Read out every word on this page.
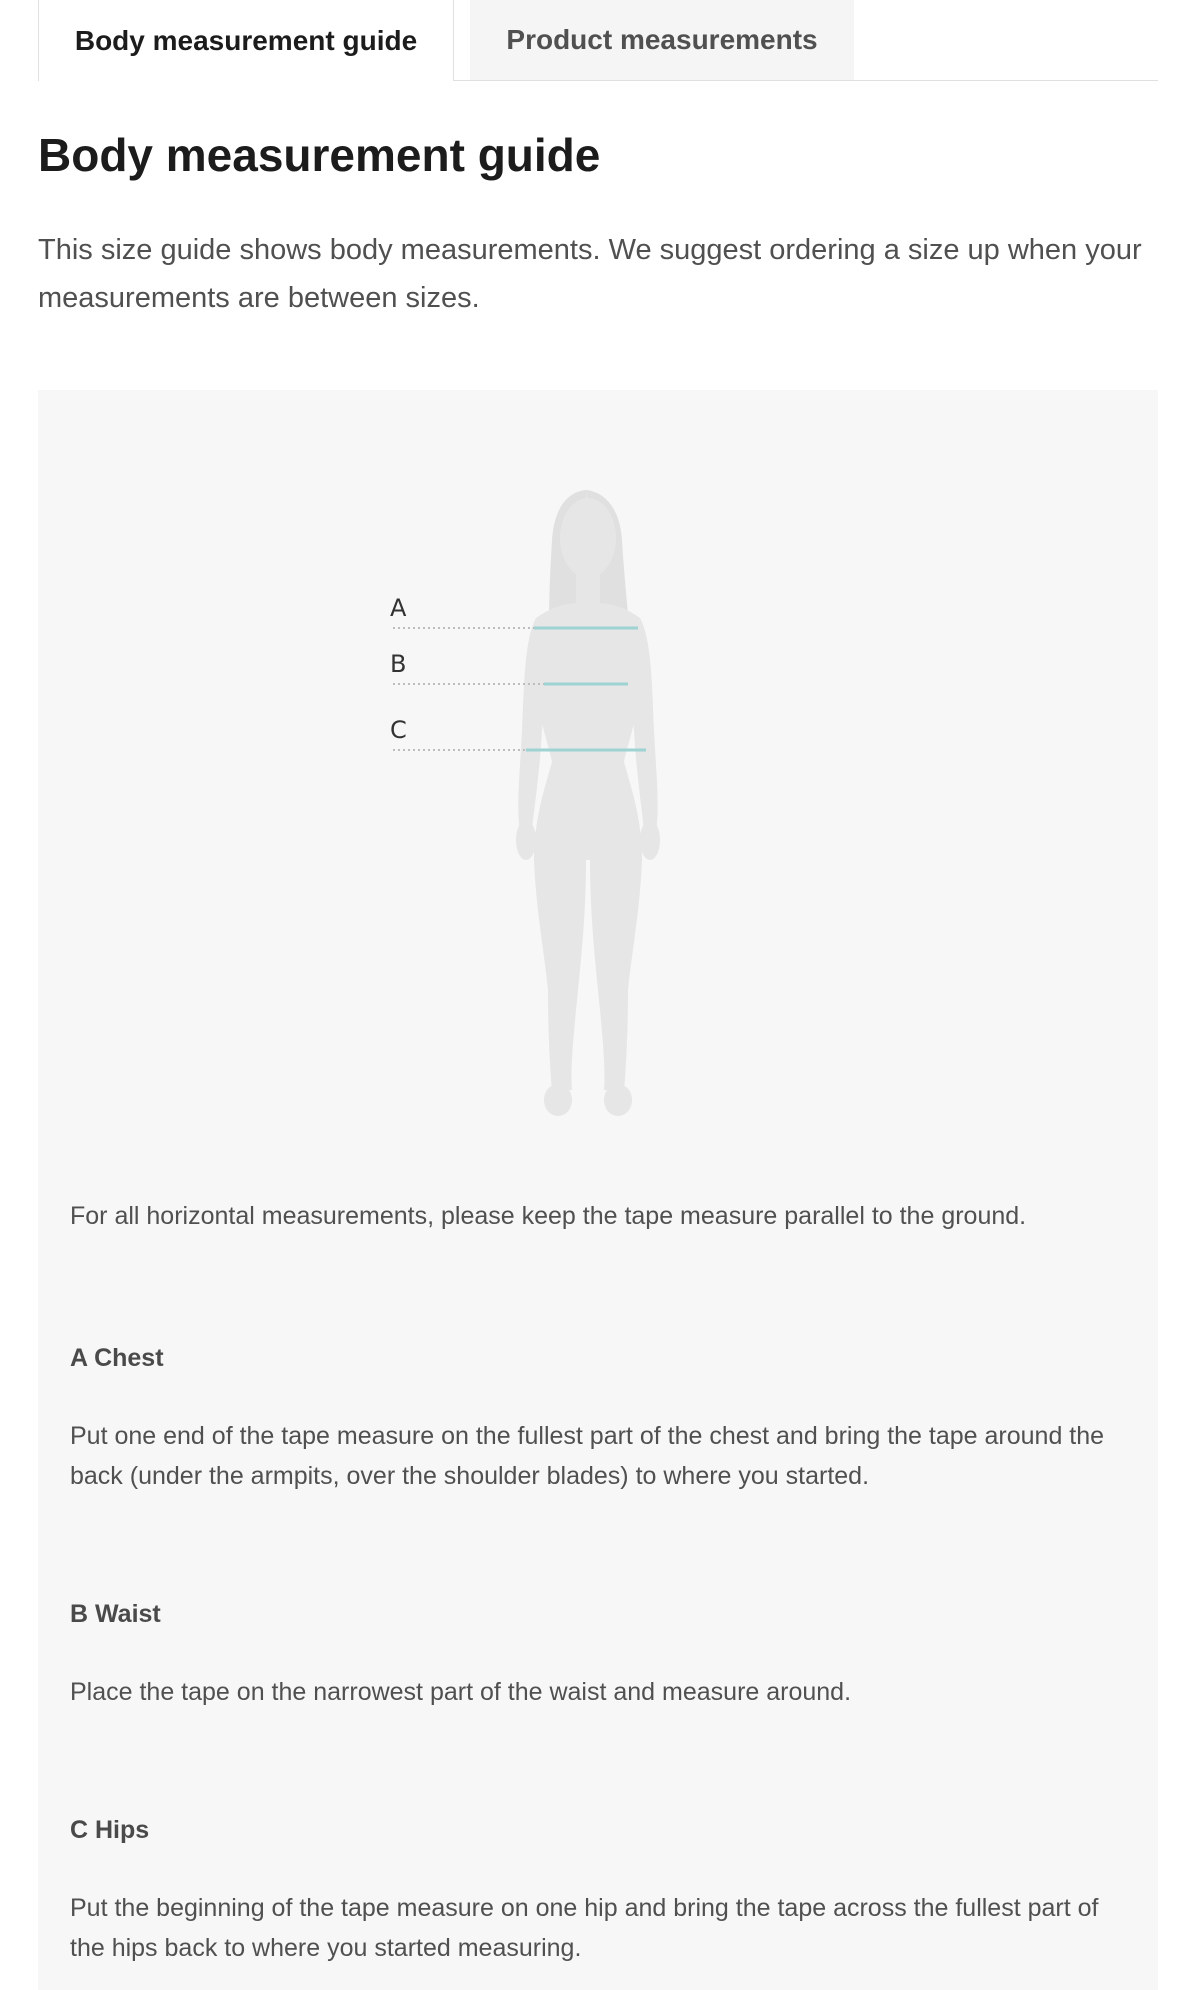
Body measurement guide	Product measurements
Body measurement guide

This size guide shows body measurements. We suggest ordering a size up when your measurements are between sizes.

A
B
C

For all horizontal measurements, please keep the tape measure parallel to the ground.

A Chest

Put one end of the tape measure on the fullest part of the chest and bring the tape around the back (under the armpits, over the shoulder blades) to where you started.

B Waist

Place the tape on the narrowest part of the waist and measure around.

C Hips

Put the beginning of the tape measure on one hip and bring the tape across the fullest part of the hips back to where you started measuring.
